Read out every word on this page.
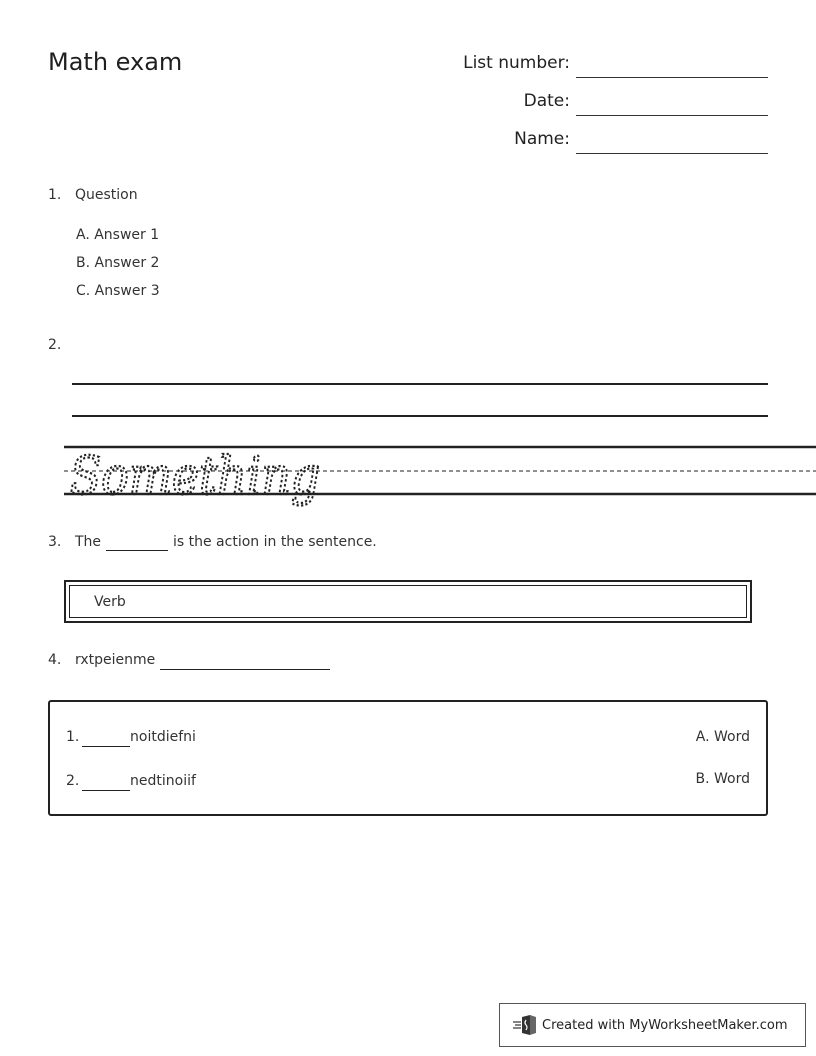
Math exam	List number:
Date:
Name:
1. Question
A. Answer 1
B. Answer 2
C. Answer 3
2.
Something
3. The	is the action in the sentence.
Verb
4. rxtpeienme
1.	noitdiefni	A. Word
2.	nedtinoiif	B. Word
Created with MyWorksheetMaker.com
